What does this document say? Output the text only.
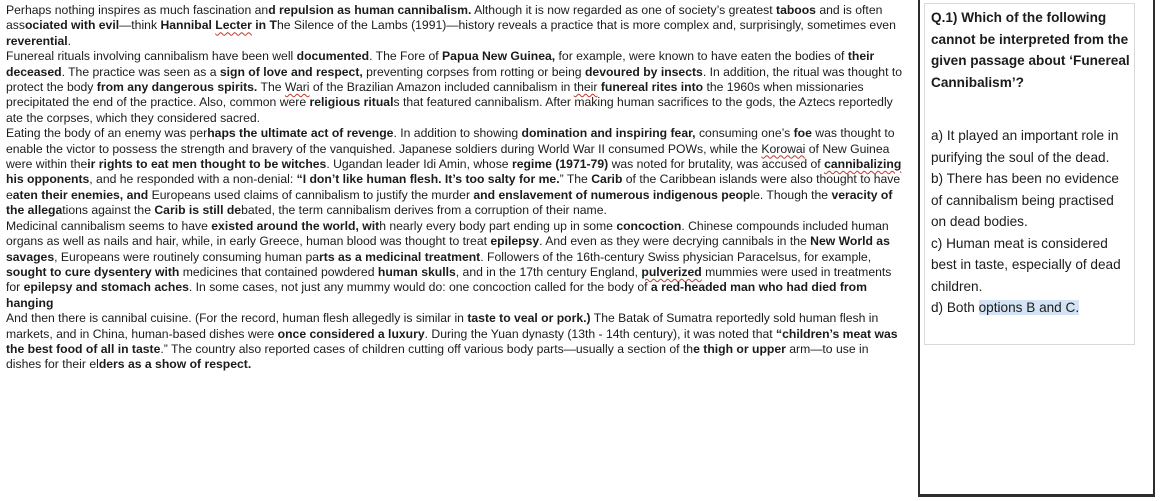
Perhaps nothing inspires as much fascination and repulsion as human cannibalism. Although it is now regarded as one of society’s greatest taboos and is often associated with evil—think Hannibal Lecter in The Silence of the Lambs (1991)—history reveals a practice that is more complex and, surprisingly, sometimes even reverential.

Funereal rituals involving cannibalism have been well documented. The Fore of Papua New Guinea, for example, were known to have eaten the bodies of their deceased. The practice was seen as a sign of love and respect, preventing corpses from rotting or being devoured by insects. In addition, the ritual was thought to protect the body from any dangerous spirits. The Wari of the Brazilian Amazon included cannibalism in their funereal rites into the 1960s when missionaries precipitated the end of the practice. Also, common were religious rituals that featured cannibalism. After making human sacrifices to the gods, the Aztecs reportedly ate the corpses, which they considered sacred.

Eating the body of an enemy was perhaps the ultimate act of revenge. In addition to showing domination and inspiring fear, consuming one’s foe was thought to enable the victor to possess the strength and bravery of the vanquished. Japanese soldiers during World War II consumed POWs, while the Korowai of New Guinea were within their rights to eat men thought to be witches. Ugandan leader Idi Amin, whose regime (1971-79) was noted for brutality, was accused of cannibalizing his opponents, and he responded with a non-denial: “I don’t like human flesh. It’s too salty for me.” The Carib of the Caribbean islands were also thought to have eaten their enemies, and Europeans used claims of cannibalism to justify the murder and enslavement of numerous indigenous people. Though the veracity of the allegations against the Carib is still debated, the term cannibalism derives from a corruption of their name.

Medicinal cannibalism seems to have existed around the world, with nearly every body part ending up in some concoction. Chinese compounds included human organs as well as nails and hair, while, in early Greece, human blood was thought to treat epilepsy. And even as they were decrying cannibals in the New World as savages, Europeans were routinely consuming human parts as a medicinal treatment. Followers of the 16th-century Swiss physician Paracelsus, for example, sought to cure dysentery with medicines that contained powdered human skulls, and in the 17th century England, pulverized mummies were used in treatments for epilepsy and stomach aches. In some cases, not just any mummy would do: one concoction called for the body of a red-headed man who had died from hanging

And then there is cannibal cuisine. (For the record, human flesh allegedly is similar in taste to veal or pork.) The Batak of Sumatra reportedly sold human flesh in markets, and in China, human-based dishes were once considered a luxury. During the Yuan dynasty (13th - 14th century), it was noted that “children’s meat was the best food of all in taste.” The country also reported cases of children cutting off various body parts—usually a section of the thigh or upper arm—to use in dishes for their elders as a show of respect.

Q.1) Which of the following cannot be interpreted from the given passage about ‘Funereal Cannibalism’?

a) It played an important role in purifying the soul of the dead.

b) There has been no evidence of cannibalism being practised on dead bodies.

c) Human meat is considered best in taste, especially of dead children.

d) Both options B and C.
